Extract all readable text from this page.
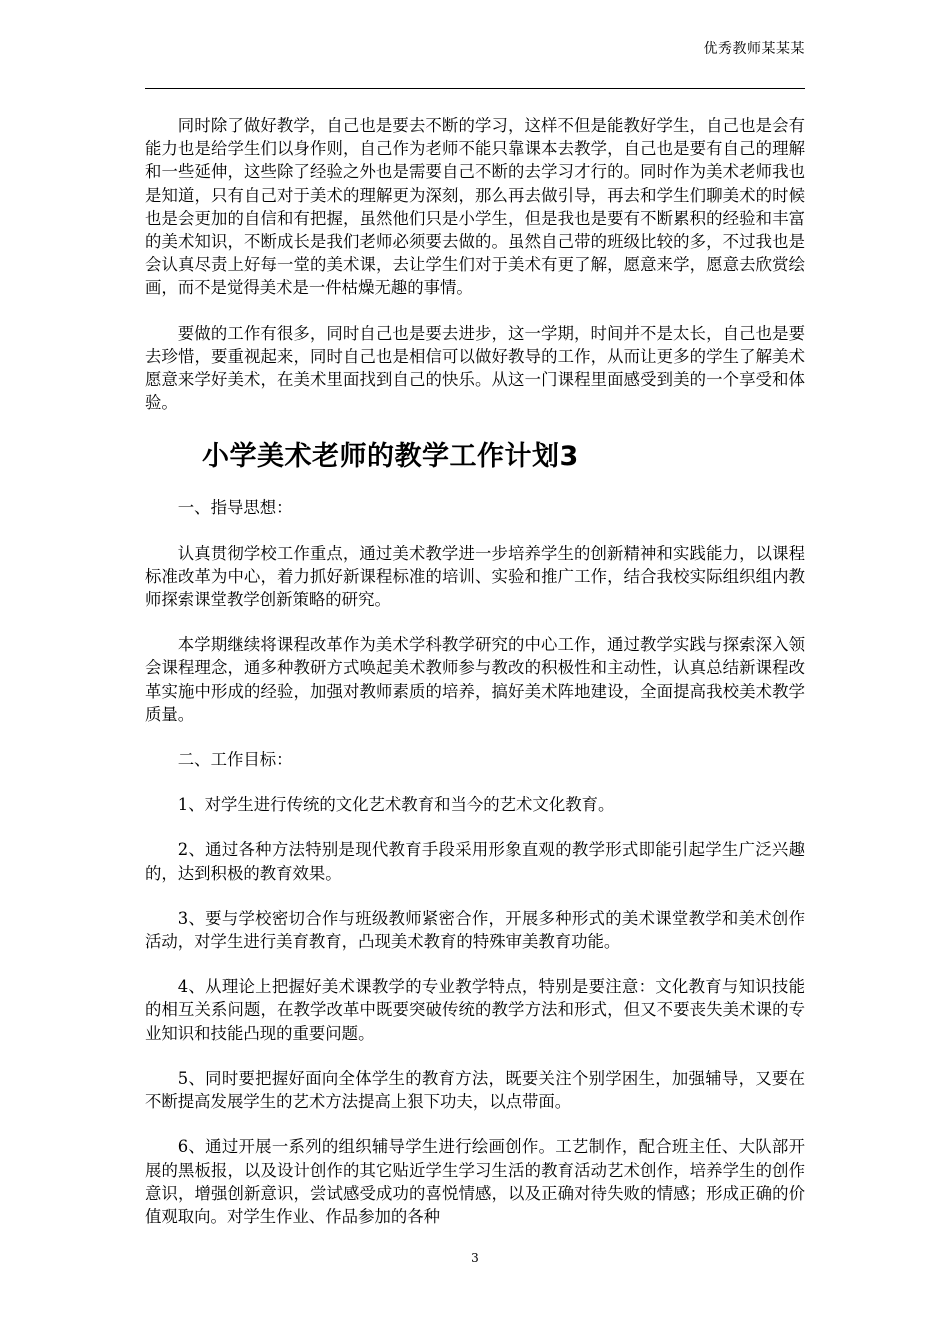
优秀教师某某某

同时除了做好教学，自己也是要去不断的学习，这样不但是能教好学生，自己也是会有能力也是给学生们以身作则，自己作为老师不能只靠课本去教学，自己也是要有自己的理解和一些延伸，这些除了经验之外也是需要自己不断的去学习才行的。同时作为美术老师我也是知道，只有自己对于美术的理解更为深刻，那么再去做引导，再去和学生们聊美术的时候也是会更加的自信和有把握，虽然他们只是小学生，但是我也是要有不断累积的经验和丰富的美术知识，不断成长是我们老师必须要去做的。虽然自己带的班级比较的多，不过我也是会认真尽责上好每一堂的美术课，去让学生们对于美术有更了解，愿意来学，愿意去欣赏绘画，而不是觉得美术是一件枯燥无趣的事情。

要做的工作有很多，同时自己也是要去进步，这一学期，时间并不是太长，自己也是要去珍惜，要重视起来，同时自己也是相信可以做好教导的工作，从而让更多的学生了解美术愿意来学好美术，在美术里面找到自己的快乐。从这一门课程里面感受到美的一个享受和体验。

小学美术老师的教学工作计划3

一、指导思想：

认真贯彻学校工作重点，通过美术教学进一步培养学生的创新精神和实践能力，以课程标准改革为中心，着力抓好新课程标准的培训、实验和推广工作，结合我校实际组织组内教师探索课堂教学创新策略的研究。

本学期继续将课程改革作为美术学科教学研究的中心工作，通过教学实践与探索深入领会课程理念，通多种教研方式唤起美术教师参与教改的积极性和主动性，认真总结新课程改革实施中形成的经验，加强对教师素质的培养，搞好美术阵地建设，全面提高我校美术教学质量。

二、工作目标：

1、对学生进行传统的文化艺术教育和当今的艺术文化教育。

2、通过各种方法特别是现代教育手段采用形象直观的教学形式即能引起学生广泛兴趣的，达到积极的教育效果。

3、要与学校密切合作与班级教师紧密合作，开展多种形式的美术课堂教学和美术创作活动，对学生进行美育教育，凸现美术教育的特殊审美教育功能。

4、从理论上把握好美术课教学的专业教学特点，特别是要注意：文化教育与知识技能的相互关系问题，在教学改革中既要突破传统的教学方法和形式，但又不要丧失美术课的专业知识和技能凸现的重要问题。

5、同时要把握好面向全体学生的教育方法，既要关注个别学困生，加强辅导，又要在不断提高发展学生的艺术方法提高上狠下功夫，以点带面。

6、通过开展一系列的组织辅导学生进行绘画创作。工艺制作，配合班主任、大队部开展的黑板报，以及设计创作的其它贴近学生学习生活的教育活动艺术创作，培养学生的创作意识，增强创新意识，尝试感受成功的喜悦情感，以及正确对待失败的情感；形成正确的价值观取向。对学生作业、作品参加的各种

3
